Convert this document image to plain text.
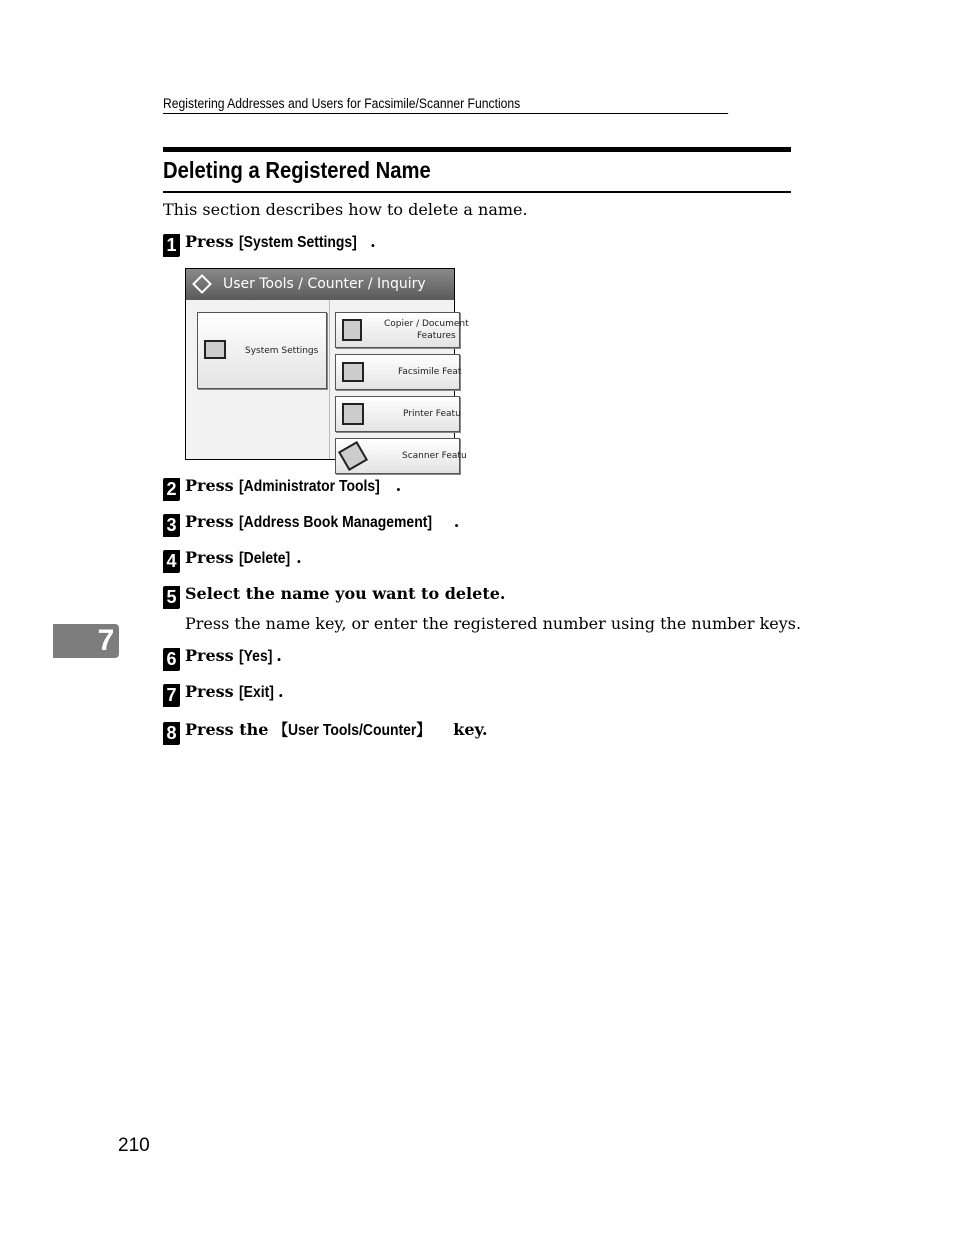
Registering Addresses and Users for Facsimile/Scanner Functions
Deleting a Registered Name
This section describes how to delete a name.
1 Press [System Settings] .
User Tools / Counter / Inquiry
System Settings
Copier / Document
Features
Facsimile Feat
Printer Featu
Scanner Featu
2 Press [Administrator Tools] .
3 Press [Address Book Management] .
4 Press [Delete] .
5 Select the name you want to delete.
Press the name key, or enter the registered number using the number keys.
6 Press [Yes] .
7 Press [Exit] .
8 Press the 【User Tools/Counter】 key.
7
210
